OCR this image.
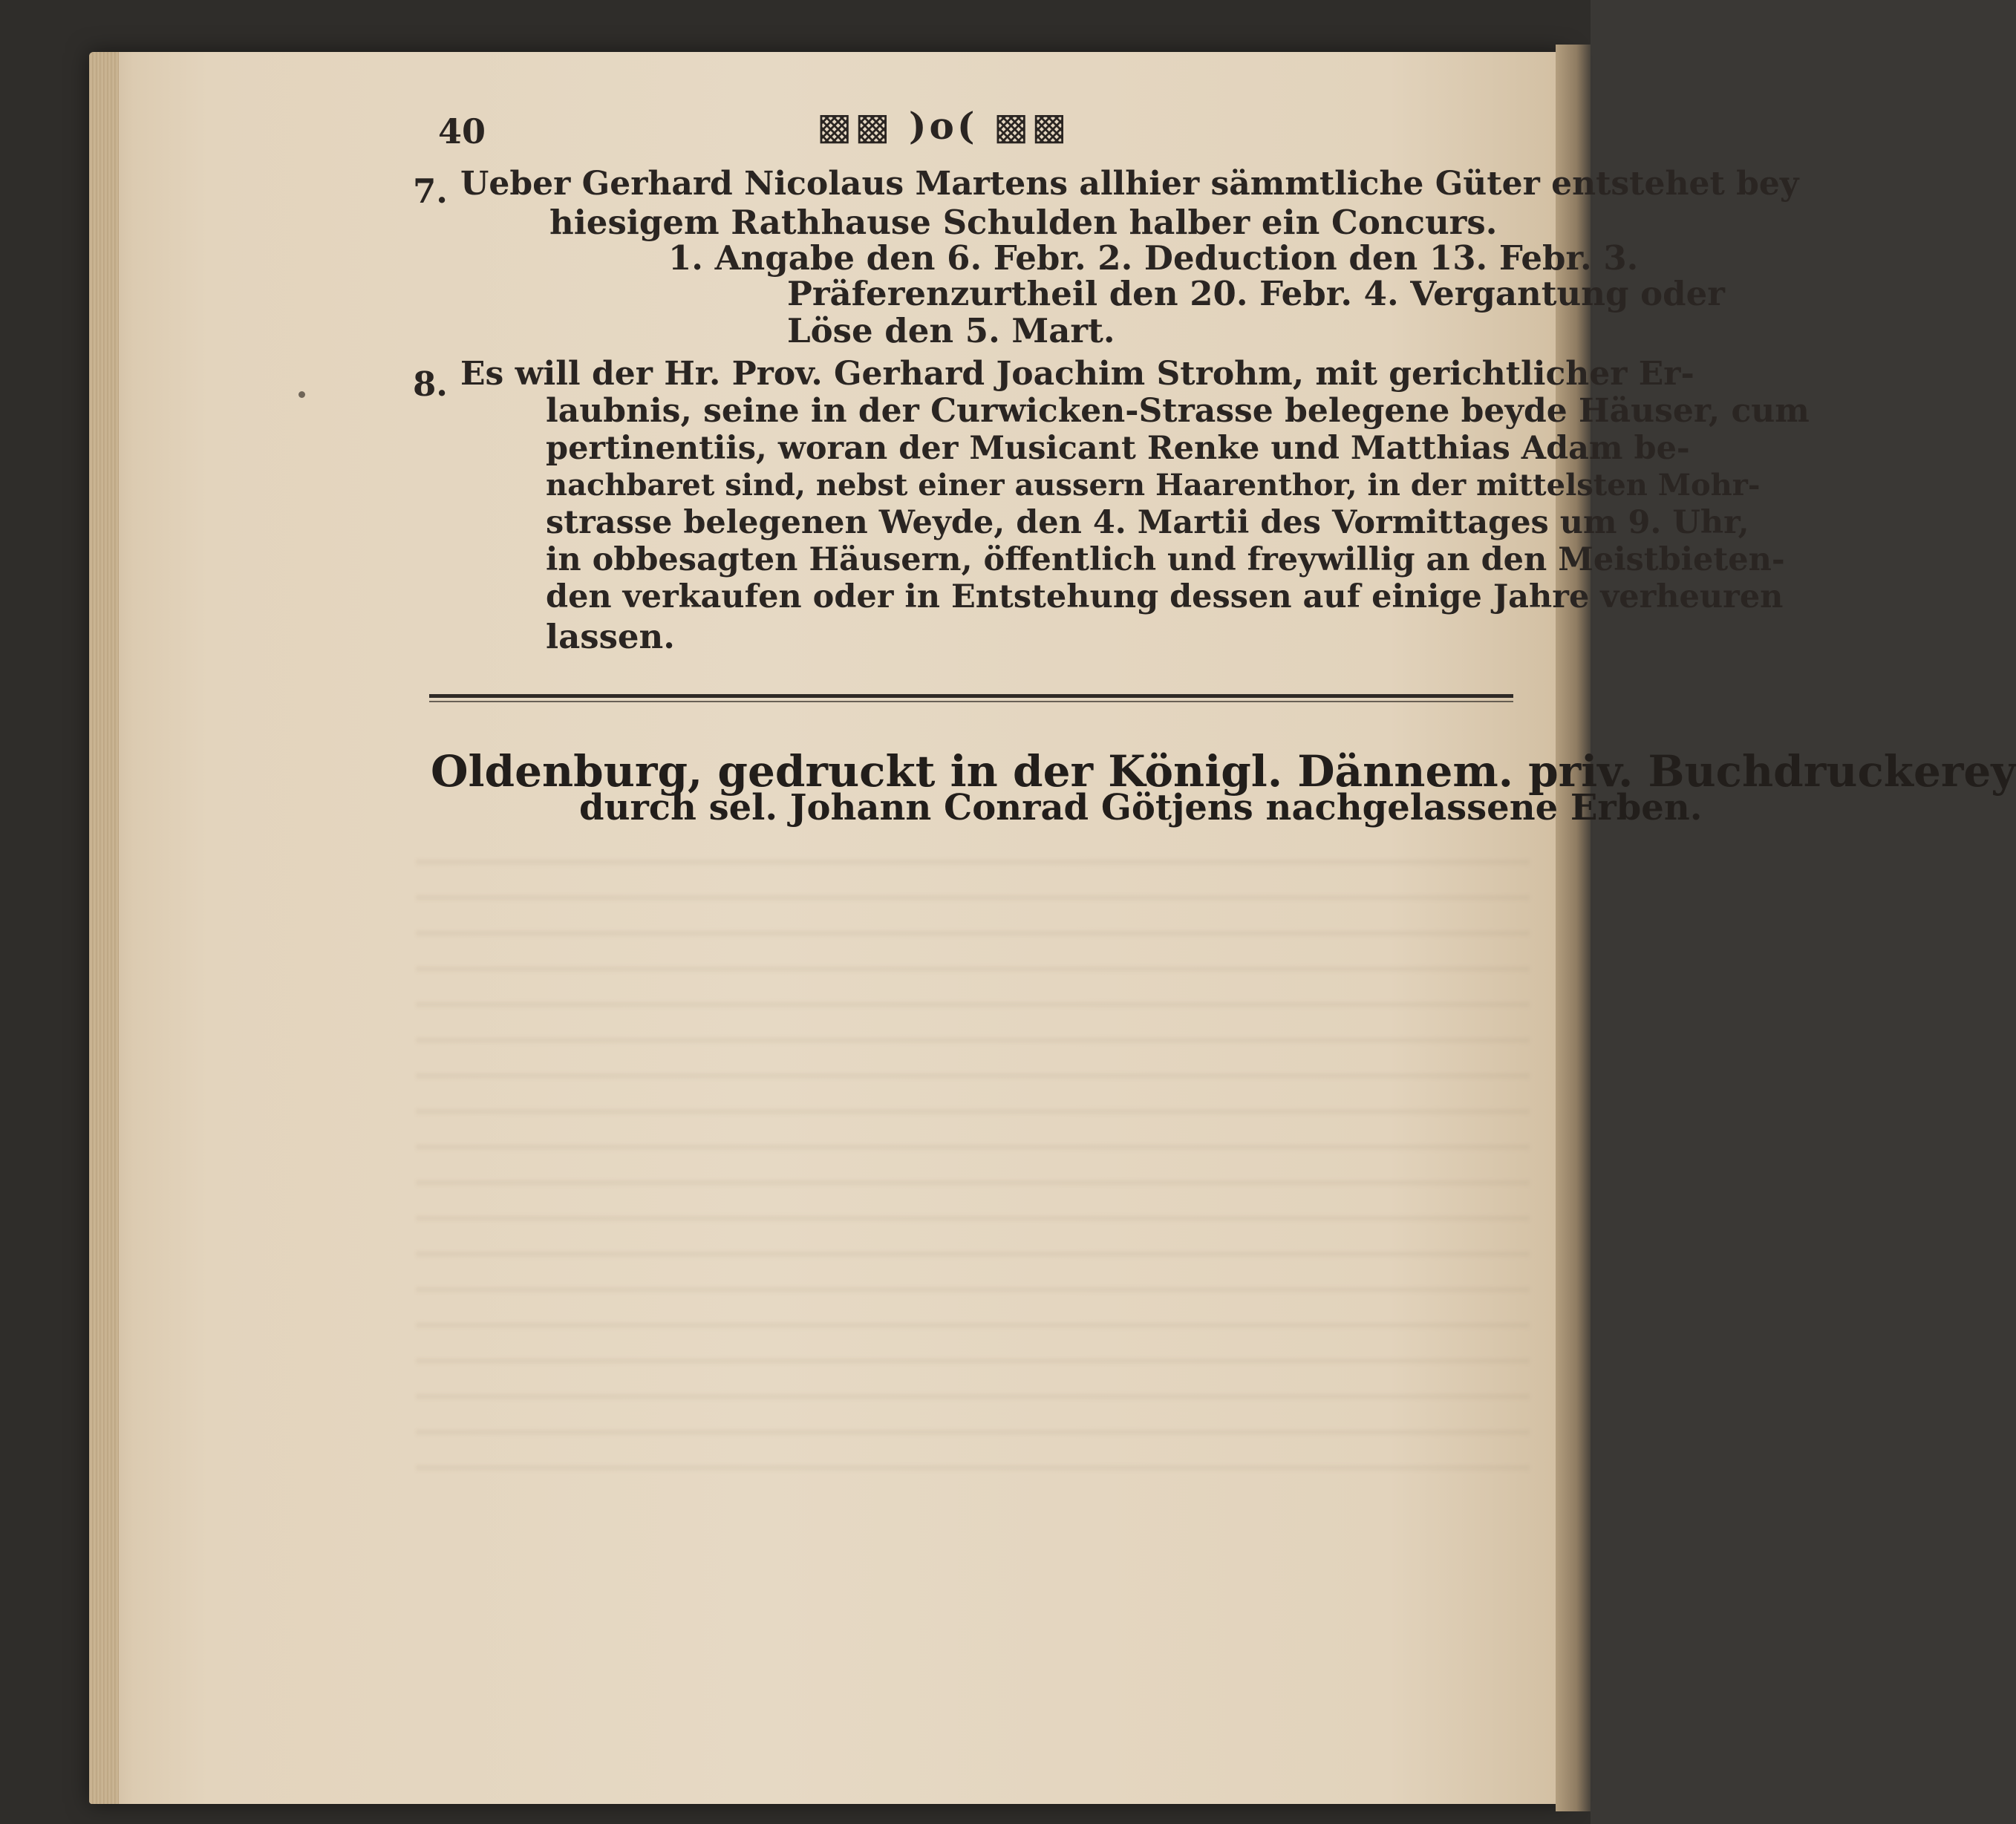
40	▩▩ )o( ▩▩
7. Ueber Gerhard Nicolaus Martens allhier sämmtliche Güter entstehet bey
hiesigem Rathhause Schulden halber ein Concurs.
1. Angabe den 6. Febr. 2. Deduction den 13. Febr. 3.
Präferenzurtheil den 20. Febr. 4. Vergantung oder
Löse den 5. Mart.
8. Es will der Hr. Prov. Gerhard Joachim Strohm, mit gerichtlicher Er-
laubnis, seine in der Curwicken-Strasse belegene beyde Häuser, cum
pertinentiis, woran der Musicant Renke und Matthias Adam be-
nachbaret sind, nebst einer aussern Haarenthor, in der mittelsten Mohr-
strasse belegenen Weyde, den 4. Martii des Vormittages um 9. Uhr,
in obbesagten Häusern, öffentlich und freywillig an den Meistbieten-
den verkaufen oder in Entstehung dessen auf einige Jahre verheuren
lassen.
Oldenburg, gedruckt in der Königl. Dännem. priv. Buchdruckerey
durch sel. Johann Conrad Götjens nachgelassene Erben.
